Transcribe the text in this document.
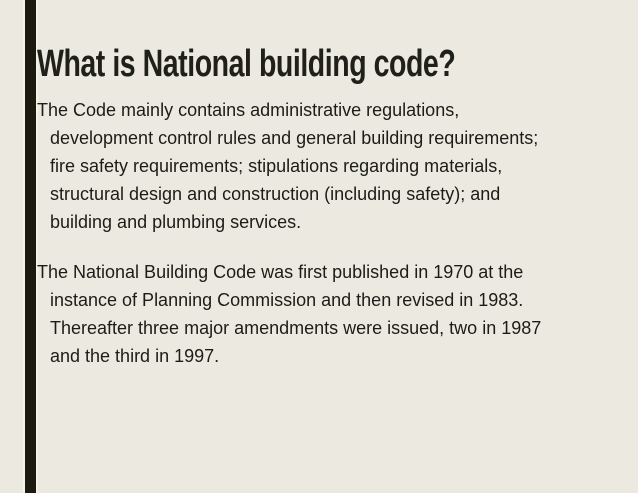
What is National building code?
The Code mainly contains administrative regulations,
development control rules and general building requirements;
fire safety requirements; stipulations regarding materials,
structural design and construction (including safety); and
building and plumbing services.
The National Building Code was first published in 1970 at the
instance of Planning Commission and then revised in 1983.
Thereafter three major amendments were issued, two in 1987
and the third in 1997.
